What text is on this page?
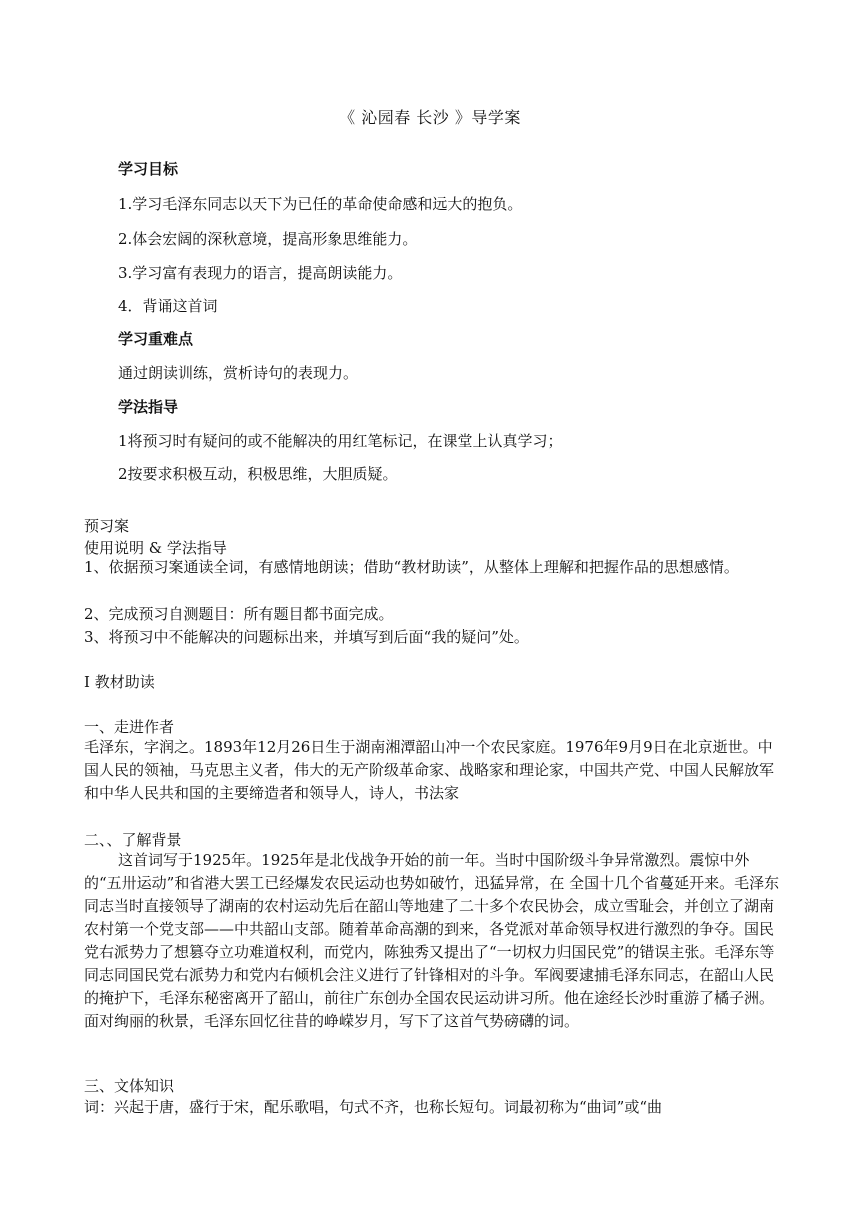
《 沁园春 长沙 》导学案
学习目标
1.学习毛泽东同志以天下为已任的革命使命感和远大的抱负。
2.体会宏阔的深秋意境，提高形象思维能力。
3.学习富有表现力的语言，提高朗读能力。
4．背诵这首词
学习重难点
通过朗读训练，赏析诗句的表现力。
学法指导
1将预习时有疑问的或不能解决的用红笔标记，在课堂上认真学习；
2按要求积极互动，积极思维，大胆质疑。
预习案
使用说明 & 学法指导
1、依据预习案通读全词，有感情地朗读；借助“教材助读”，从整体上理解和把握作品的思想感情。
2、完成预习自测题目：所有题目都书面完成。
3、将预习中不能解决的问题标出来，并填写到后面“我的疑问”处。
Ⅰ 教材助读
一、走进作者
毛泽东，字润之。1893年12月26日生于湖南湘潭韶山冲一个农民家庭。1976年9月9日在北京逝世。中国人民的领袖，马克思主义者，伟大的无产阶级革命家、战略家和理论家，中国共产党、中国人民解放军和中华人民共和国的主要缔造者和领导人，诗人，书法家
二、、了解背景
这首词写于1925年。1925年是北伐战争开始的前一年。当时中国阶级斗争异常激烈。震惊中外的“五卅运动”和省港大罢工已经爆发农民运动也势如破竹，迅猛异常，在 全国十几个省蔓延开来。毛泽东同志当时直接领导了湖南的农村运动先后在韶山等地建了二十多个农民协会，成立雪耻会，并创立了湖南农村第一个党支部——中共韶山支部。随着革命高潮的到来，各党派对革命领导权进行激烈的争夺。国民党右派势力了想篡夺立功难道权利，而党内，陈独秀又提出了“一切权力归国民党”的错误主张。毛泽东等同志同国民党右派势力和党内右倾机会注义进行了针锋相对的斗争。军阀要逮捕毛泽东同志，在韶山人民的掩护下，毛泽东秘密离开了韶山，前往广东创办全国农民运动讲习所。他在途经长沙时重游了橘子洲。面对绚丽的秋景，毛泽东回忆往昔的峥嵘岁月，写下了这首气势磅礴的词。
三、文体知识
词：兴起于唐，盛行于宋，配乐歌唱，句式不齐，也称长短句。词最初称为“曲词”或“曲
